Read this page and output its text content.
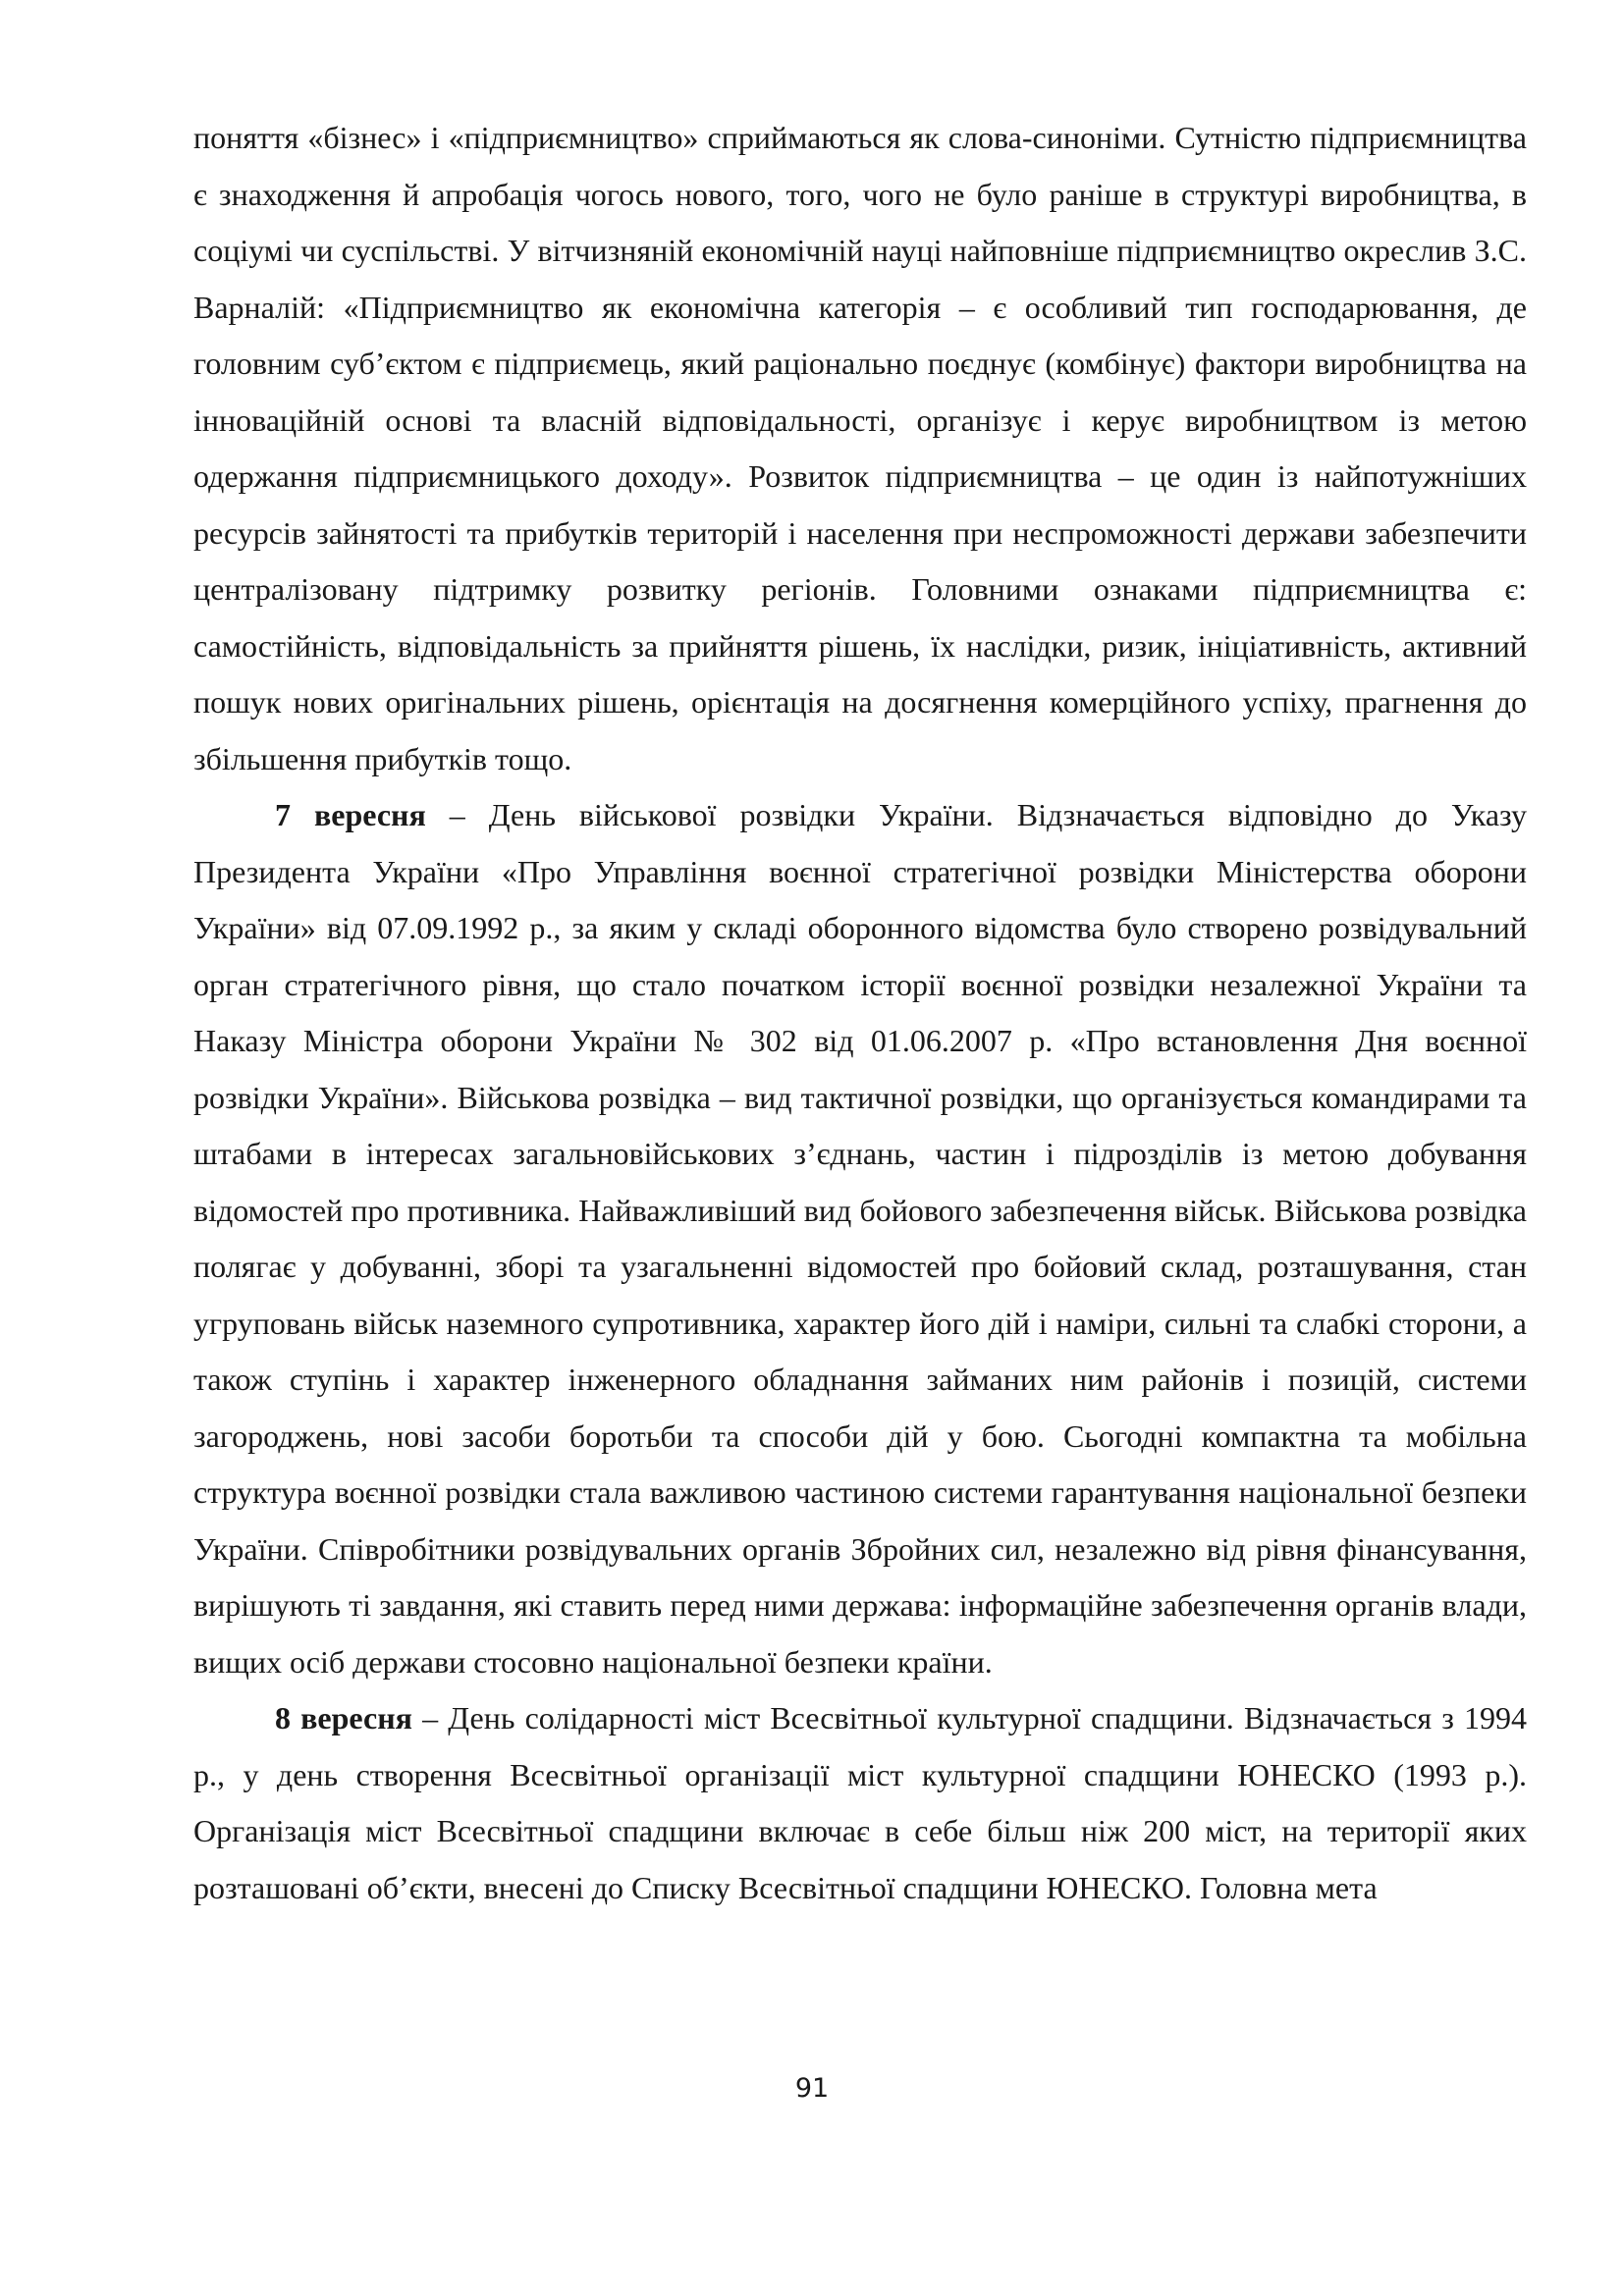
поняття «бізнес» і «підприємництво» сприймаються як слова-синоніми. Сутністю підприємництва є знаходження й апробація чогось нового, того, чого не було раніше в структурі виробництва, в соціумі чи суспільстві. У вітчизняній економічній науці найповніше підприємництво окреслив З.С. Варналій: «Підприємництво як економічна категорія – є особливий тип господарювання, де головним суб’єктом є підприємець, який раціонально поєднує (комбінує) фактори виробництва на інноваційній основі та власній відповідальності, організує і керує виробництвом із метою одержання підприємницького доходу». Розвиток підприємництва – це один із найпотужніших ресурсів зайнятості та прибутків територій і населення при неспроможності держави забезпечити централізовану підтримку розвитку регіонів. Головними ознаками підприємництва є: самостійність, відповідальність за прийняття рішень, їх наслідки, ризик, ініціативність, активний пошук нових оригінальних рішень, орієнтація на досягнення комерційного успіху, прагнення до збільшення прибутків тощо.

7 вересня – День військової розвідки України. Відзначається відповідно до Указу Президента України «Про Управління воєнної стратегічної розвідки Міністерства оборони України» від 07.09.1992 р., за яким у складі оборонного відомства було створено розвідувальний орган стратегічного рівня, що стало початком історії воєнної розвідки незалежної України та Наказу Міністра оборони України № 302 від 01.06.2007 р. «Про встановлення Дня воєнної розвідки України». Військова розвідка – вид тактичної розвідки, що організується командирами та штабами в інтересах загальновійськових з’єднань, частин і підрозділів із метою добування відомостей про противника. Найважливіший вид бойового забезпечення військ. Військова розвідка полягає у добуванні, зборі та узагальненні відомостей про бойовий склад, розташування, стан угруповань військ наземного супротивника, характер його дій і наміри, сильні та слабкі сторони, а також ступінь і характер інженерного обладнання займаних ним районів і позицій, системи загороджень, нові засоби боротьби та способи дій у бою. Сьогодні компактна та мобільна структура воєнної розвідки стала важливою частиною системи гарантування національної безпеки України. Співробітники розвідувальних органів Збройних сил, незалежно від рівня фінансування, вирішують ті завдання, які ставить перед ними держава: інформаційне забезпечення органів влади, вищих осіб держави стосовно національної безпеки країни.

8 вересня – День солідарності міст Всесвітньої культурної спадщини. Відзначається з 1994 р., у день створення Всесвітньої організації міст культурної спадщини ЮНЕСКО (1993 р.). Організація міст Всесвітньої спадщини включає в себе більш ніж 200 міст, на території яких розташовані об’єкти, внесені до Списку Всесвітньої спадщини ЮНЕСКО. Головна мета

91
